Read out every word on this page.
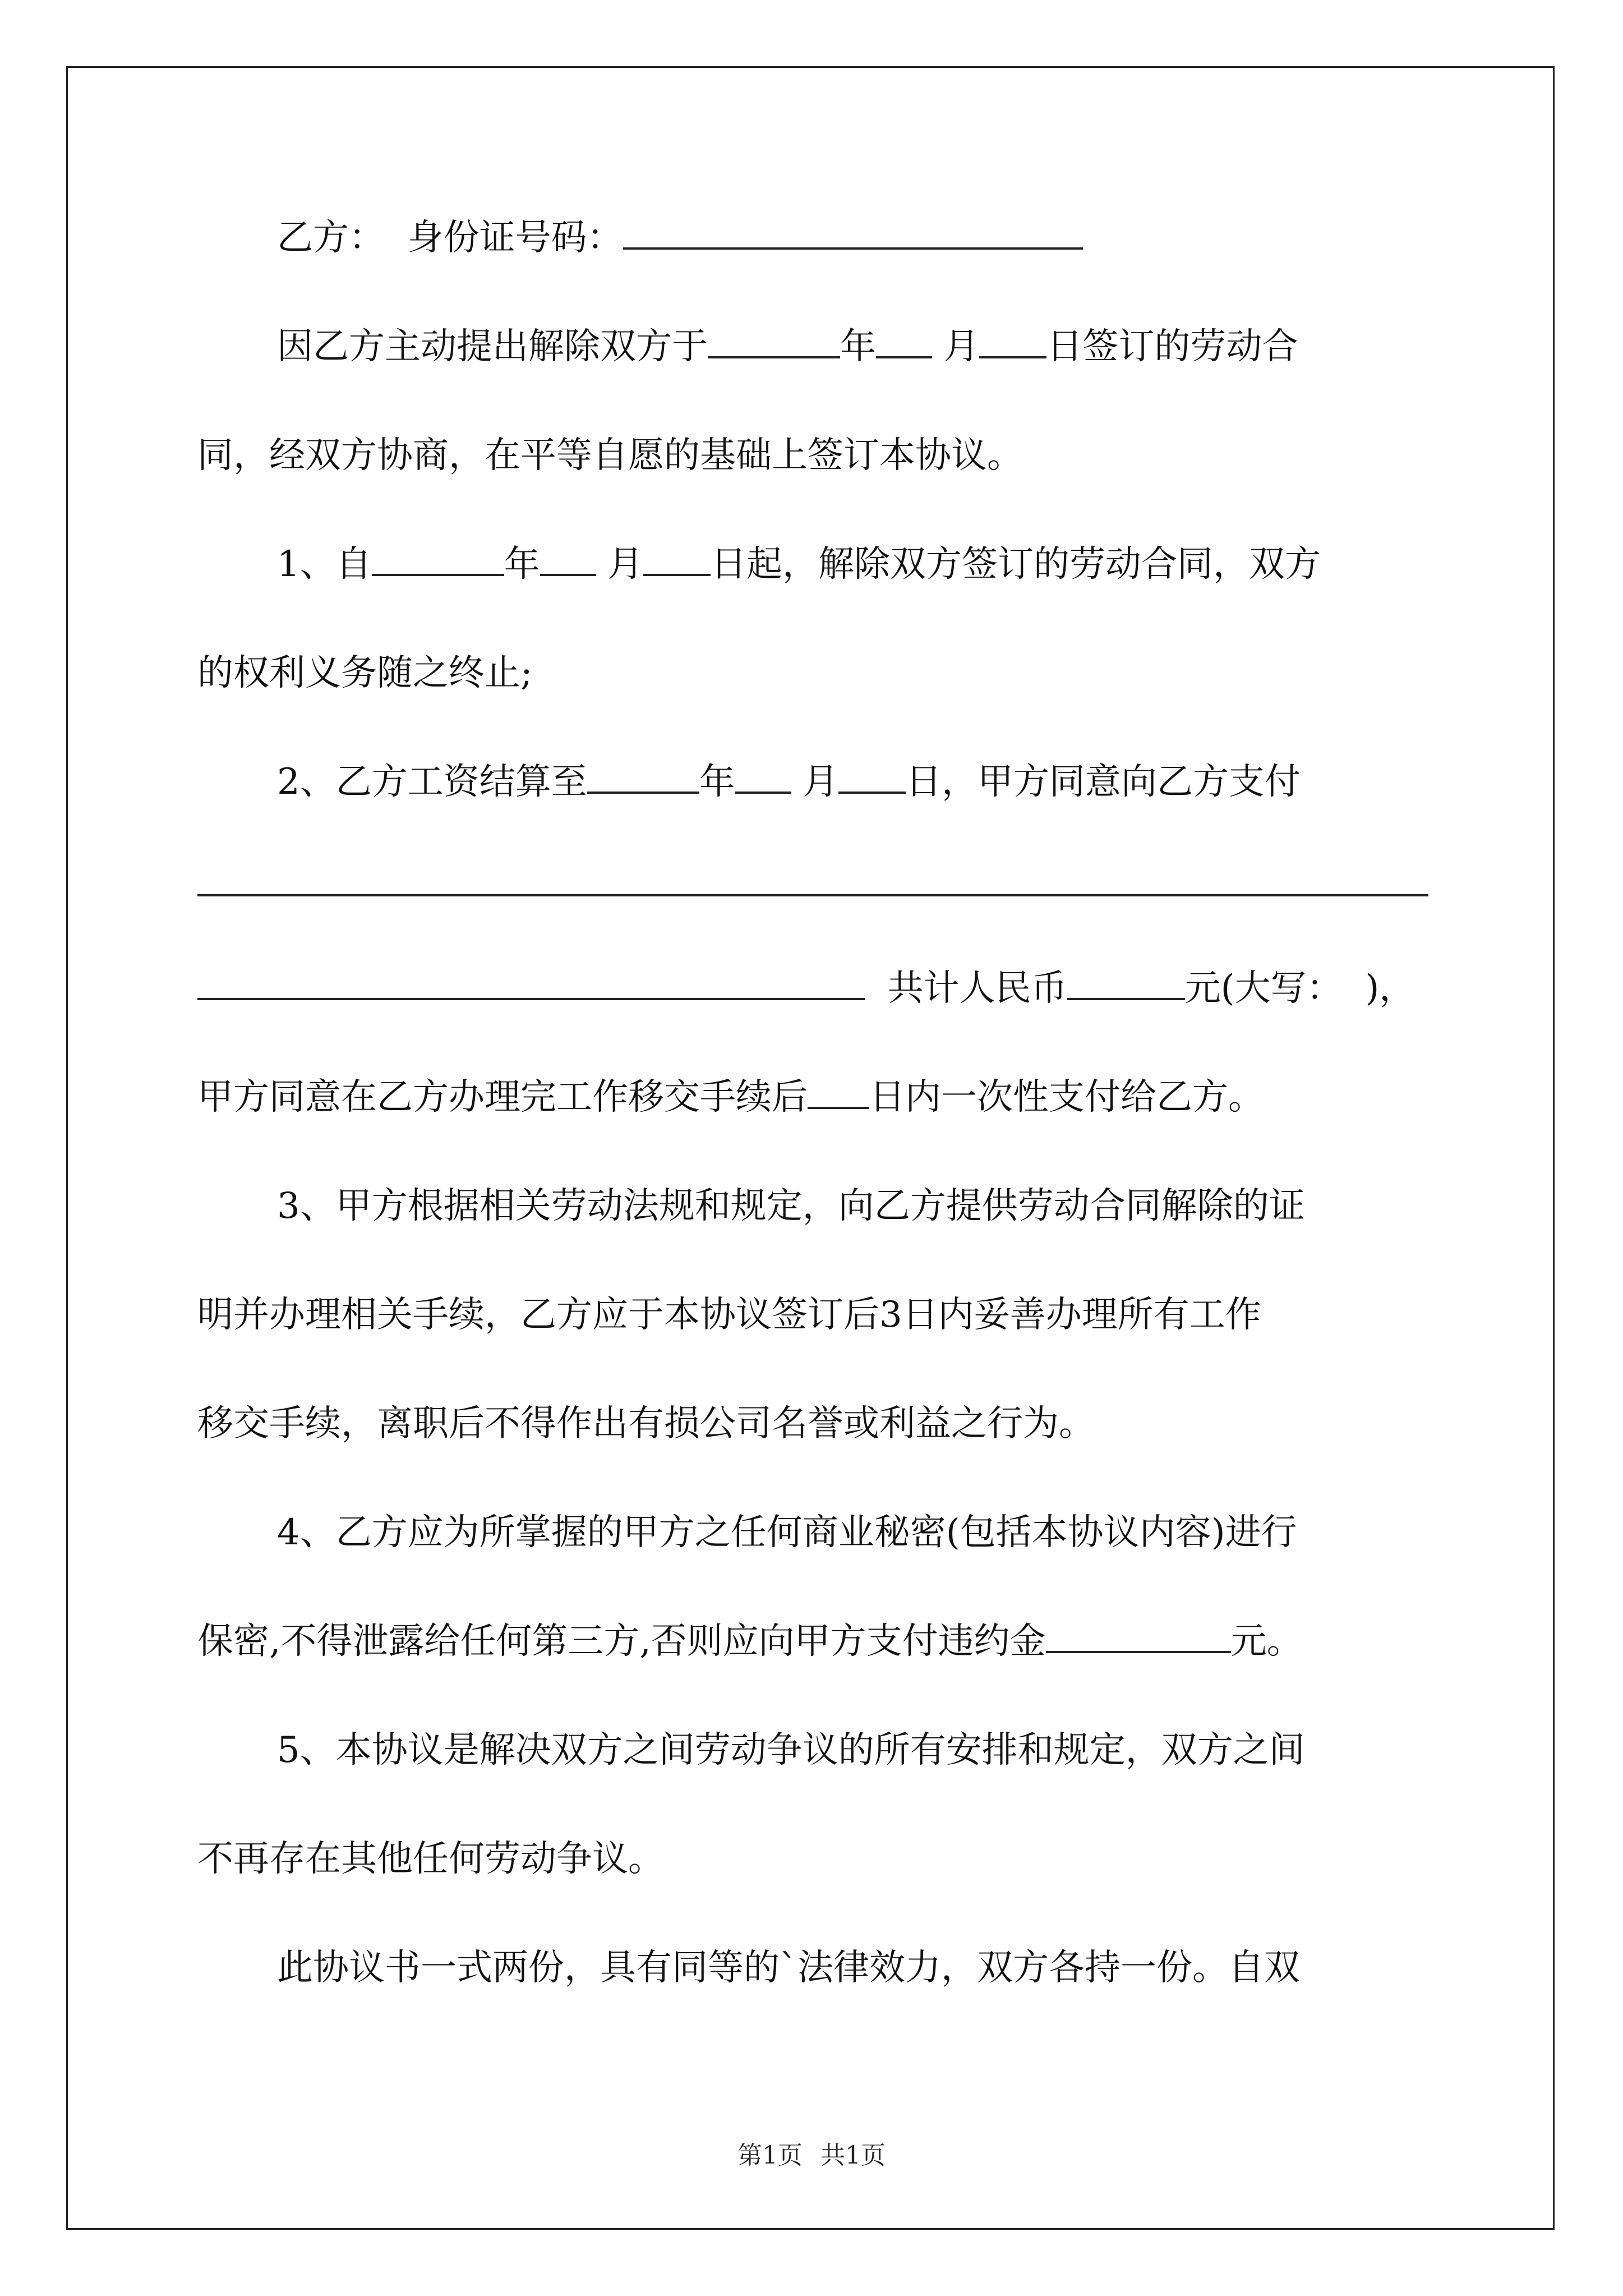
乙方： 身份证号码：
因乙方主动提出解除双方于	年 月 日签订的劳动合
同，经双方协商，在平等自愿的基础上签订本协议。
1、自	年 月 日起，解除双方签订的劳动合同，双方
的权利义务随之终止;
2、乙方工资结算至	年 月 日，甲方同意向乙方支付
共计人民币	元(大写：  )，
甲方同意在乙方办理完工作移交手续后 日内一次性支付给乙方。
3、甲方根据相关劳动法规和规定，向乙方提供劳动合同解除的证
明并办理相关手续，乙方应于本协议签订后3日内妥善办理所有工作
移交手续，离职后不得作出有损公司名誉或利益之行为。
4、乙方应为所掌握的甲方之任何商业秘密(包括本协议内容)进行
保密,不得泄露给任何第三方,否则应向甲方支付违约金	元。
5、本协议是解决双方之间劳动争议的所有安排和规定，双方之间
不再存在其他任何劳动争议。
此协议书一式两份，具有同等的`法律效力，双方各持一份。自双
第1页 共1页
